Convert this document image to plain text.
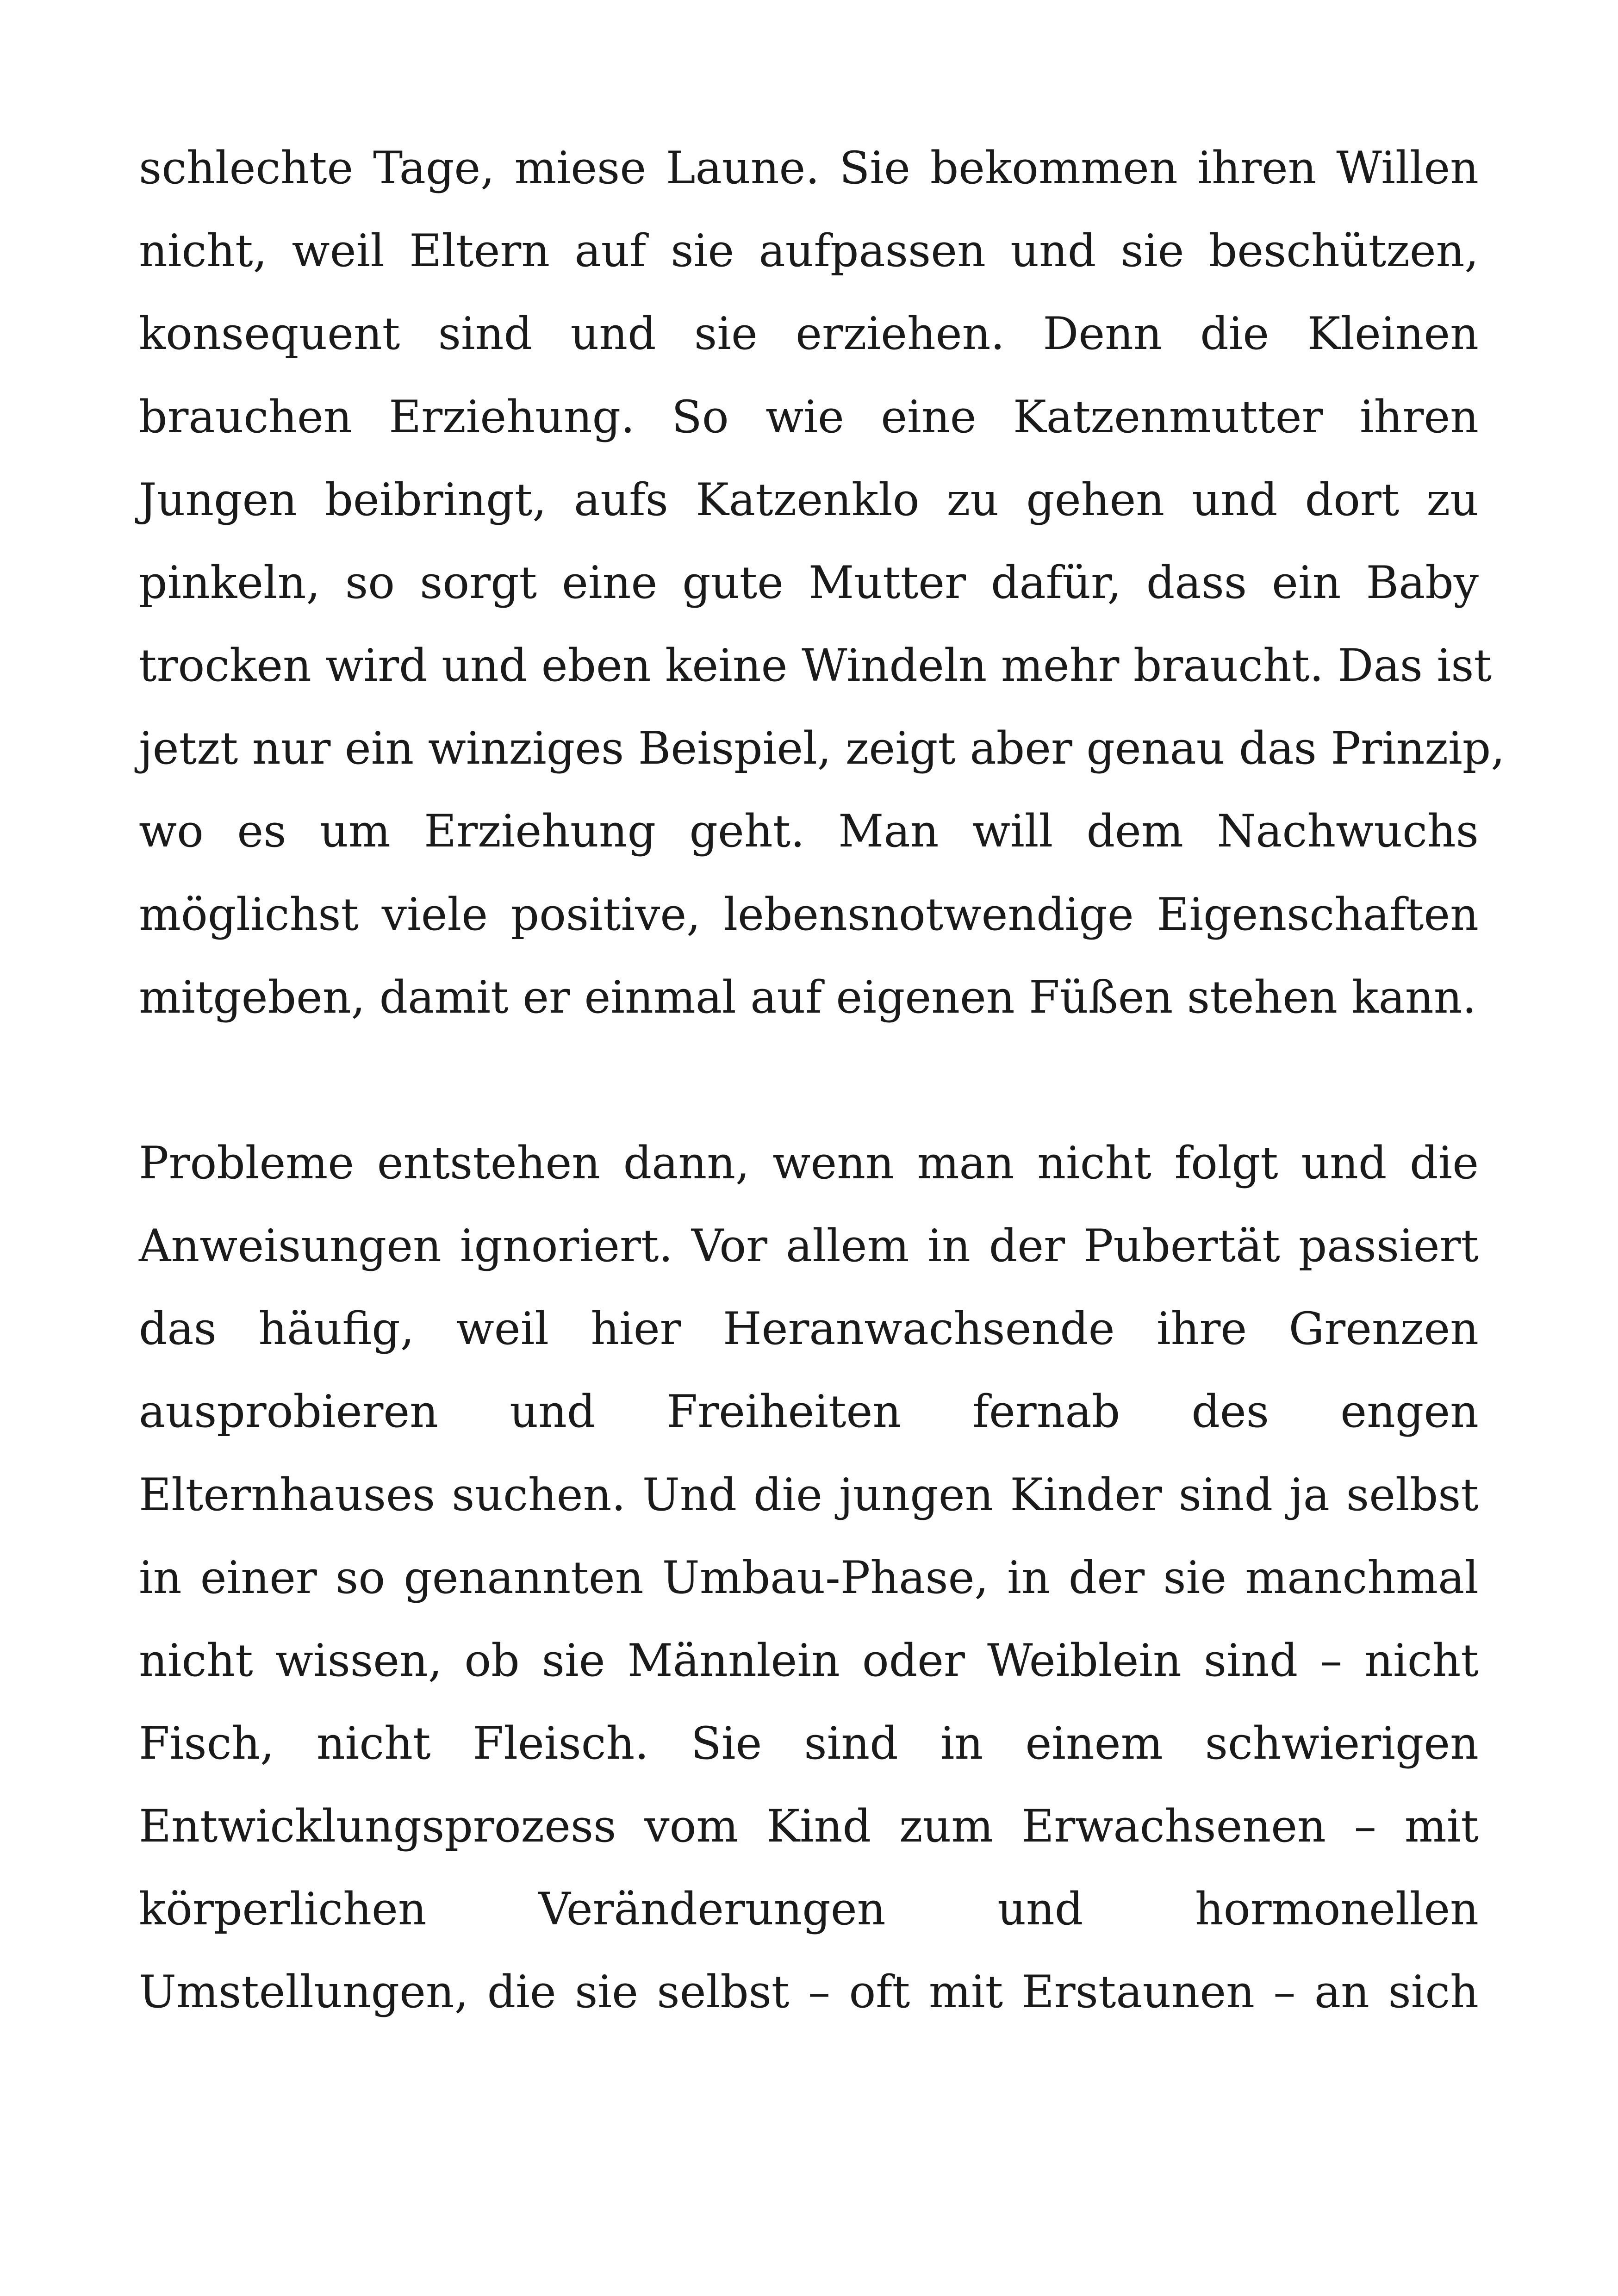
schlechte Tage, miese Laune. Sie bekommen ihren Willen
nicht, weil Eltern auf sie aufpassen und sie beschützen,
konsequent sind und sie erziehen. Denn die Kleinen
brauchen Erziehung. So wie eine Katzenmutter ihren
Jungen beibringt, aufs Katzenklo zu gehen und dort zu
pinkeln, so sorgt eine gute Mutter dafür, dass ein Baby
trocken wird und eben keine Windeln mehr braucht. Das ist
jetzt nur ein winziges Beispiel, zeigt aber genau das Prinzip,
wo es um Erziehung geht. Man will dem Nachwuchs
möglichst viele positive, lebensnotwendige Eigenschaften
mitgeben, damit er einmal auf eigenen Füßen stehen kann.
Probleme entstehen dann, wenn man nicht folgt und die
Anweisungen ignoriert. Vor allem in der Pubertät passiert
das häufig, weil hier Heranwachsende ihre Grenzen
ausprobieren und Freiheiten fernab des engen
Elternhauses suchen. Und die jungen Kinder sind ja selbst
in einer so genannten Umbau-Phase, in der sie manchmal
nicht wissen, ob sie Männlein oder Weiblein sind – nicht
Fisch, nicht Fleisch. Sie sind in einem schwierigen
Entwicklungsprozess vom Kind zum Erwachsenen – mit
körperlichen Veränderungen und hormonellen
Umstellungen, die sie selbst – oft mit Erstaunen – an sich
